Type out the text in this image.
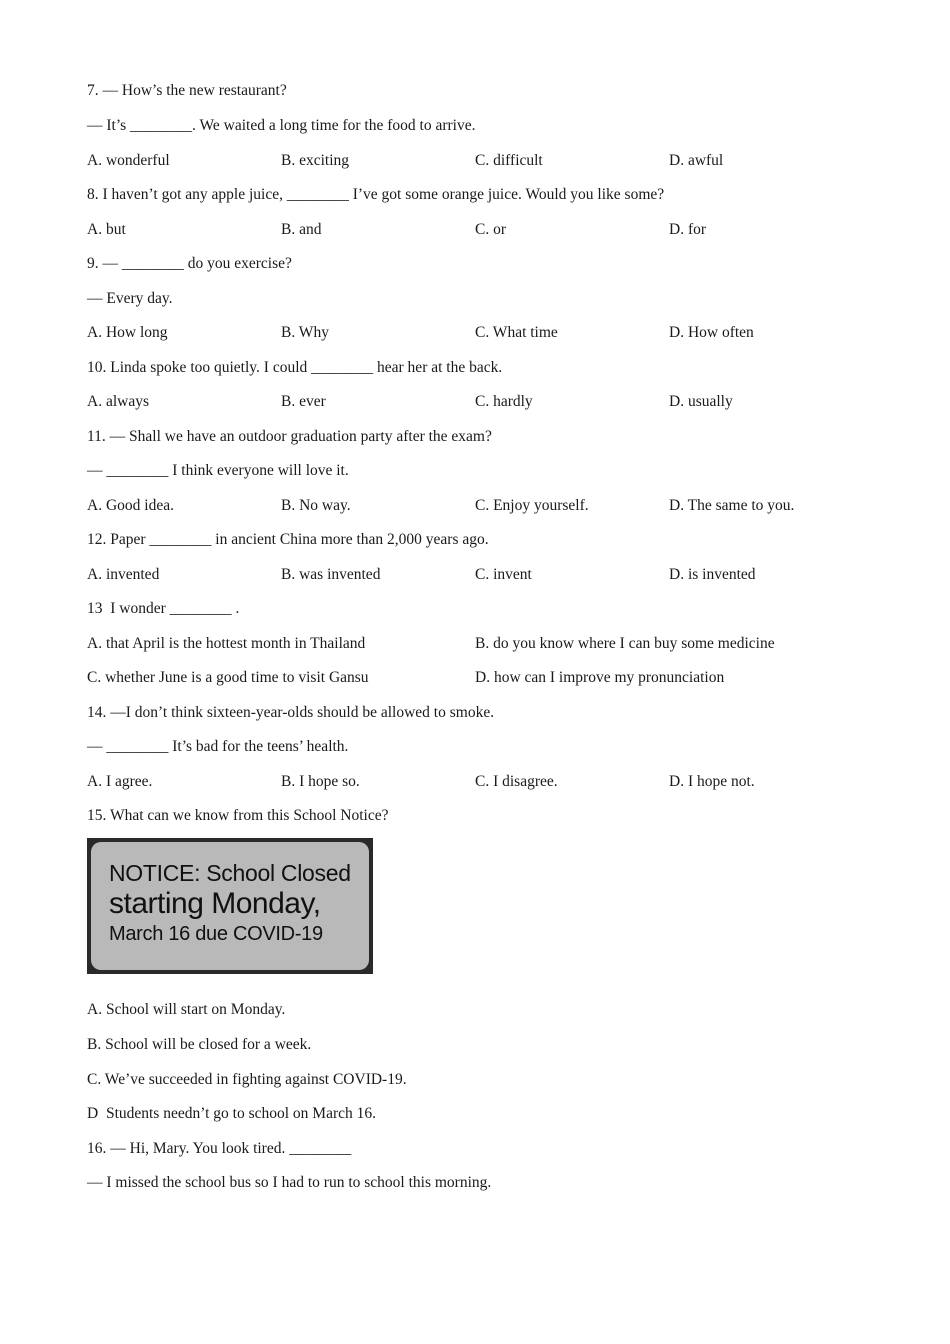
7. — How’s the new restaurant?
— It’s ________. We waited a long time for the food to arrive.
A. wonderful	B. exciting	C. difficult	D. awful
8. I haven’t got any apple juice, ________ I’ve got some orange juice. Would you like some?
A. but	B. and	C. or	D. for
9. — ________ do you exercise?
— Every day.
A. How long	B. Why	C. What time	D. How often
10. Linda spoke too quietly. I could ________ hear her at the back.
A. always	B. ever	C. hardly	D. usually
11. — Shall we have an outdoor graduation party after the exam?
— ________ I think everyone will love it.
A. Good idea.	B. No way.	C. Enjoy yourself.	D. The same to you.
12. Paper ________ in ancient China more than 2,000 years ago.
A. invented	B. was invented	C. invent	D. is invented
13  I wonder ________ .
A. that April is the hottest month in Thailand	B. do you know where I can buy some medicine
C. whether June is a good time to visit Gansu	D. how can I improve my pronunciation
14. —I don’t think sixteen-year-olds should be allowed to smoke.
— ________ It’s bad for the teens’ health.
A. I agree.	B. I hope so.	C. I disagree.	D. I hope not.
15. What can we know from this School Notice?
NOTICE: School Closed
starting Monday,
March 16 due COVID-19
A. School will start on Monday.
B. School will be closed for a week.
C. We’ve succeeded in fighting against COVID-19.
D  Students needn’t go to school on March 16.
16. — Hi, Mary. You look tired. ________
— I missed the school bus so I had to run to school this morning.
